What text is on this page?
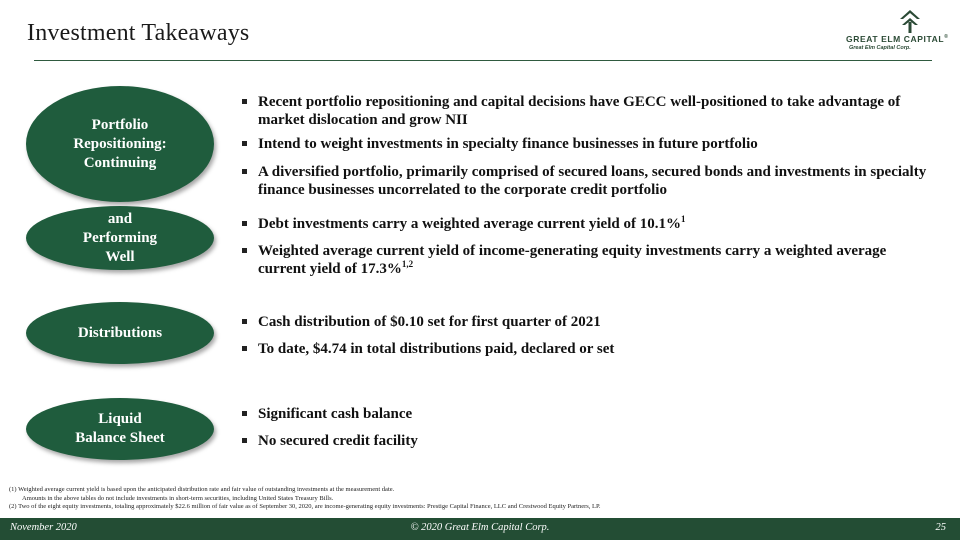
Investment Takeaways	GREAT ELM CAPITAL®
Great Elm Capital Corp.
Portfolio
Repositioning:
Continuing
and
Performing
Well
Distributions
Liquid
Balance Sheet
Recent portfolio repositioning and capital decisions have GECC well-positioned to take advantage of market dislocation and grow NII
Intend to weight investments in specialty finance businesses in future portfolio
A diversified portfolio, primarily comprised of secured loans, secured bonds and investments in specialty finance businesses uncorrelated to the corporate credit portfolio
Debt investments carry a weighted average current yield of 10.1%$^1$
Weighted average current yield of income-generating equity investments carry a weighted average current yield of 17.3%$^{1,2}$
Cash distribution of $0.10 set for first quarter of 2021
To date, $4.74 in total distributions paid, declared or set
Significant cash balance
No secured credit facility
(1) Weighted average current yield is based upon the anticipated distribution rate and fair value of outstanding investments at the measurement date.
Amounts in the above tables do not include investments in short-term securities, including United States Treasury Bills.
(2) Two of the eight equity investments, totaling approximately $22.6 million of fair value as of September 30, 2020, are income-generating equity investments: Prestige Capital Finance, LLC and Crestwood Equity Partners, LP.
November 2020	© 2020 Great Elm Capital Corp.	25
